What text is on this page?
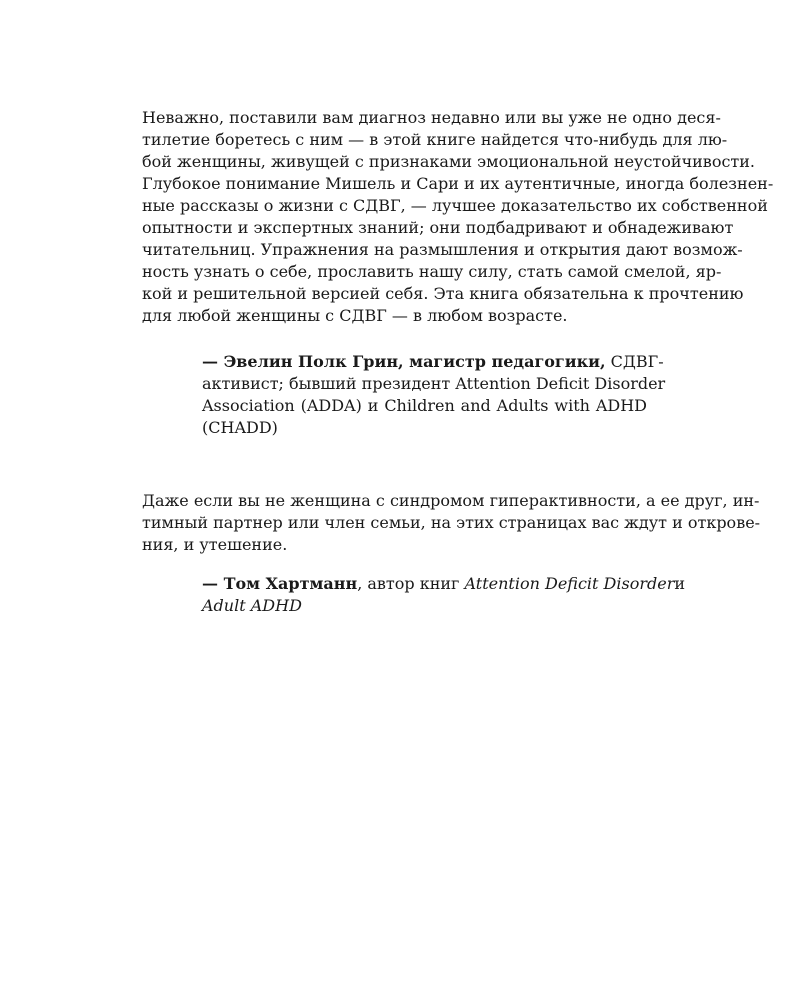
Неважно, поставили вам диагноз недавно или вы уже не одно деся-
тилетие боретесь с ним — в этой книге найдется что-нибудь для лю-
бой женщины, живущей с признаками эмоциональной неустойчивости.
Глубокое понимание Мишель и Сари и их аутентичные, иногда болезнен-
ные рассказы о жизни с СДВГ, — лучшее доказательство их собственной
опытности и экспертных знаний; они подбадривают и обнадеживают
читательниц. Упражнения на размышления и открытия дают возмож-
ность узнать о себе, прославить нашу силу, стать самой смелой, яр-
кой и решительной версией себя. Эта книга обязательна к прочтению
для любой женщины с СДВГ — в любом возрасте.
— Эвелин Полк Грин, магистр педагогики, СДВГ-
активист; бывший президент Attention Deficit Disorder
Association (ADDA) и Children and Adults with ADHD
(CHADD)
Даже если вы не женщина с синдромом гиперактивности, а ее друг, ин-
тимный партнер или член семьи, на этих страницах вас ждут и открове-
ния, и утешение.
— Том Хартманн, автор книг Attention Deficit Disorderи
Adult ADHD
